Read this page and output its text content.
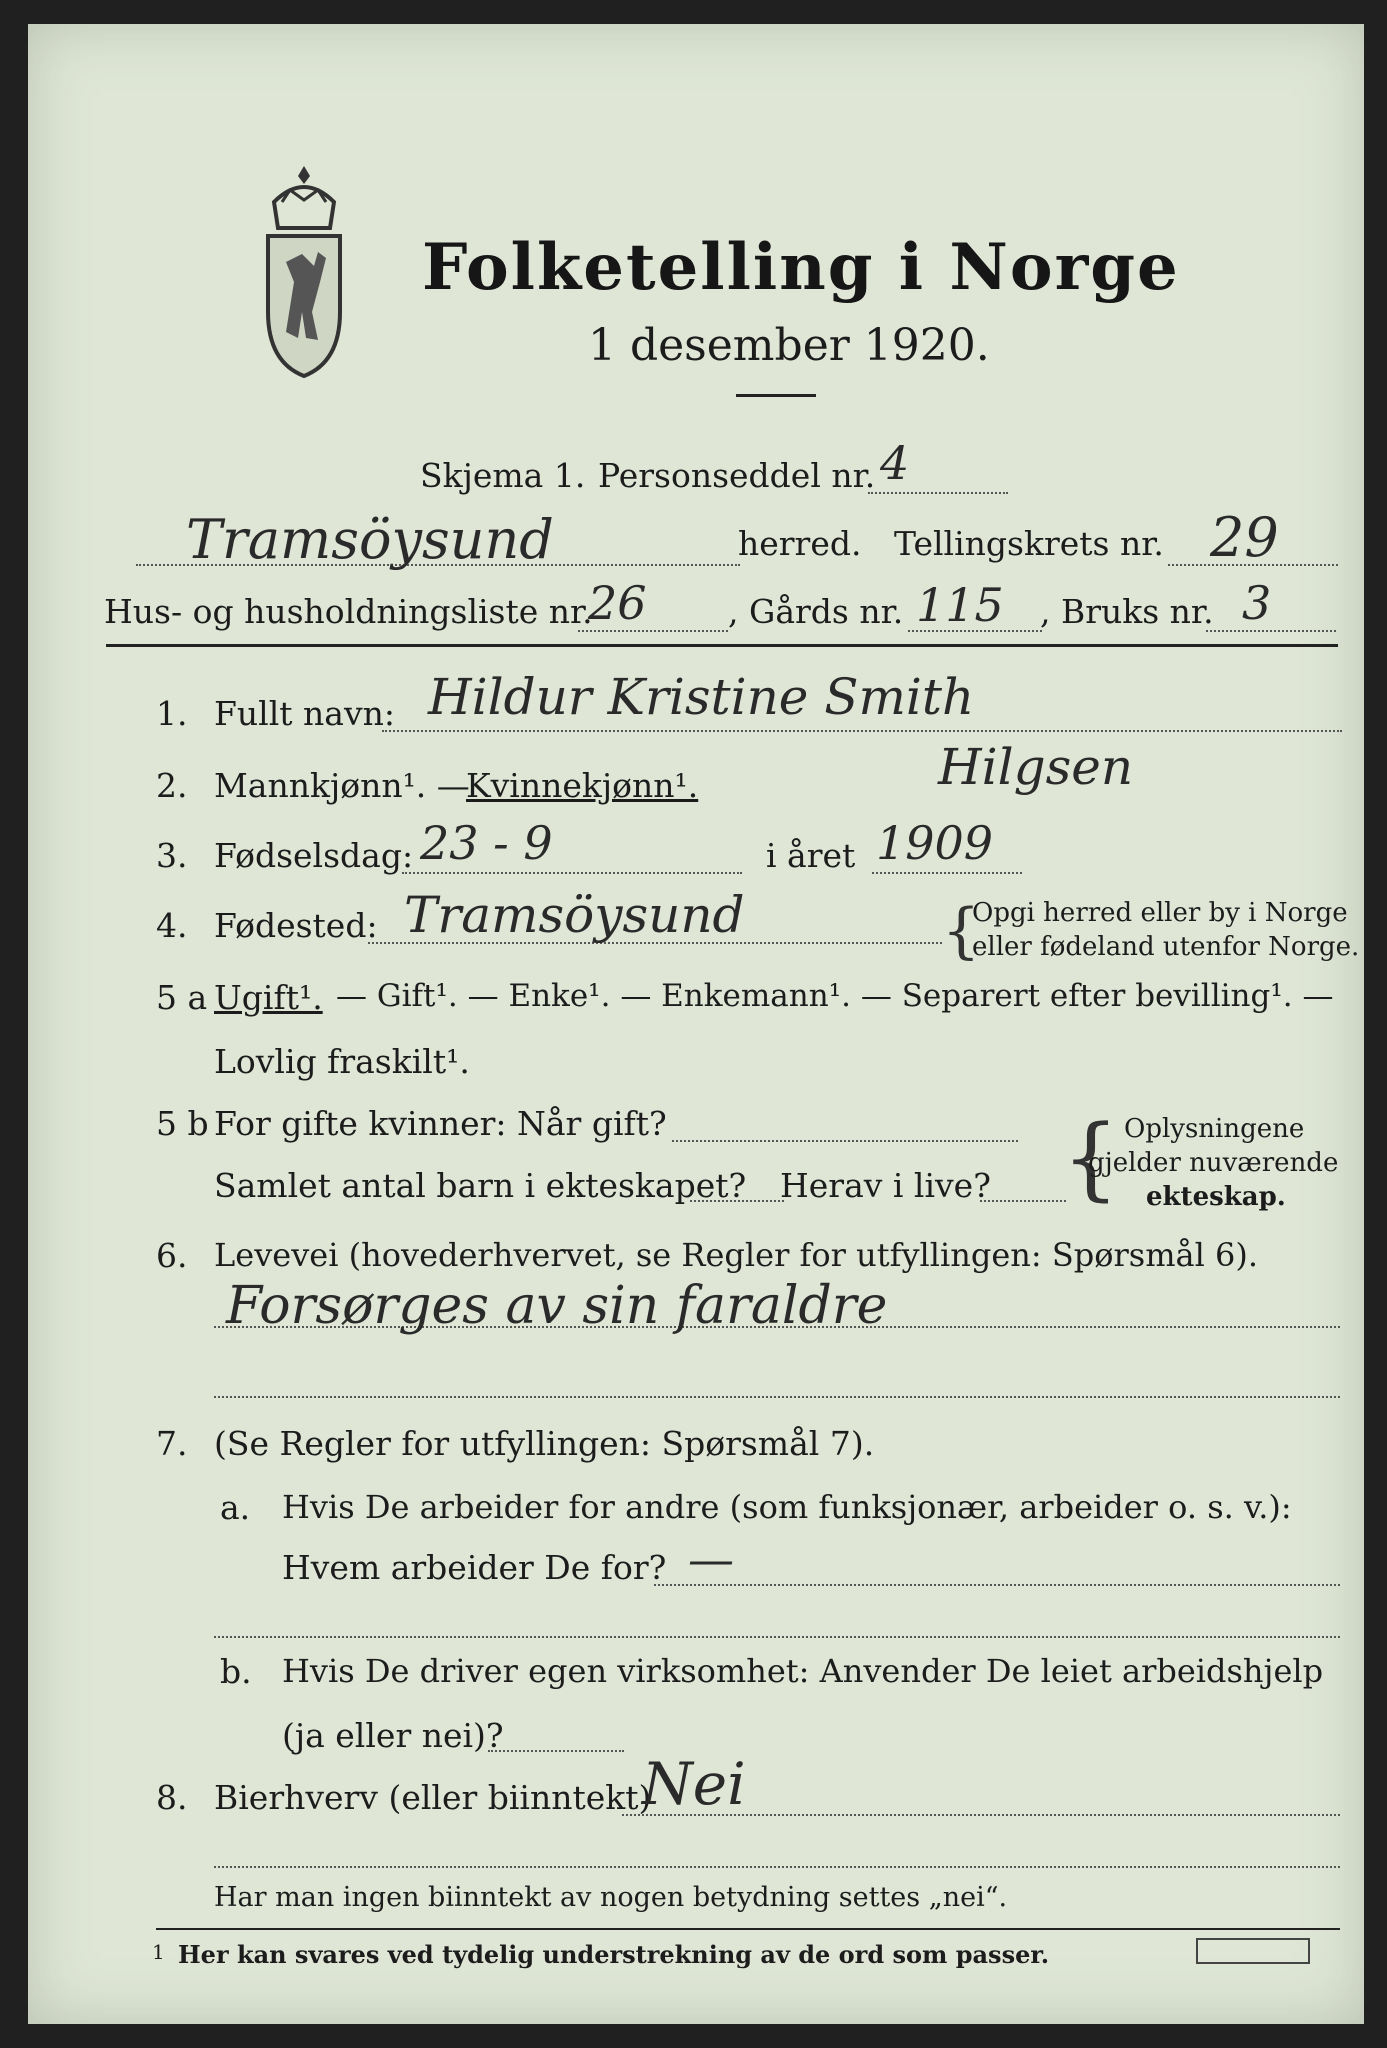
Folketelling i Norge
1 desember 1920.
Skjema 1. Personseddel nr. 4
Tramsöysund	herred. Tellingskrets nr. 29
Hus- og husholdningsliste nr.
26 , Gårds nr. 115 , Bruks nr. 3
1. Fullt navn: Hildur Kristine Smith
Hilgsen
2. Mannkjønn¹. —
Kvinnekjønn¹.
3. Fødselsdag: 23 - 9	i året 1909
4. Fødested: Tramsöysund	{
Opgi herred eller by i Norge
eller fødeland utenfor Norge.
5 a Ugift¹. — Gift¹. — Enke¹. — Enkemann¹. — Separert efter bevilling¹. —
Lovlig fraskilt¹.
5 b For gifte kvinner: Når gift?
Samlet antal barn i ekteskapet? Herav i live? { Oplysningene
gjelder nuværende
ekteskap.
6. Levevei (hovederhvervet, se Regler for utfyllingen: Spørsmål 6).
Forsørges av sin faraldre
7. (Se Regler for utfyllingen: Spørsmål 7).
a. Hvis De arbeider for andre (som funksjonær, arbeider o. s. v.):
Hvem arbeider De for? —
b. Hvis De driver egen virksomhet: Anvender De leiet arbeidshjelp
(ja eller nei)?
8. Bierhverv (eller biinntekt)
Nei
Har man ingen biinntekt av nogen betydning settes „nei“.
1 Her kan svares ved tydelig understrekning av de ord som passer.
